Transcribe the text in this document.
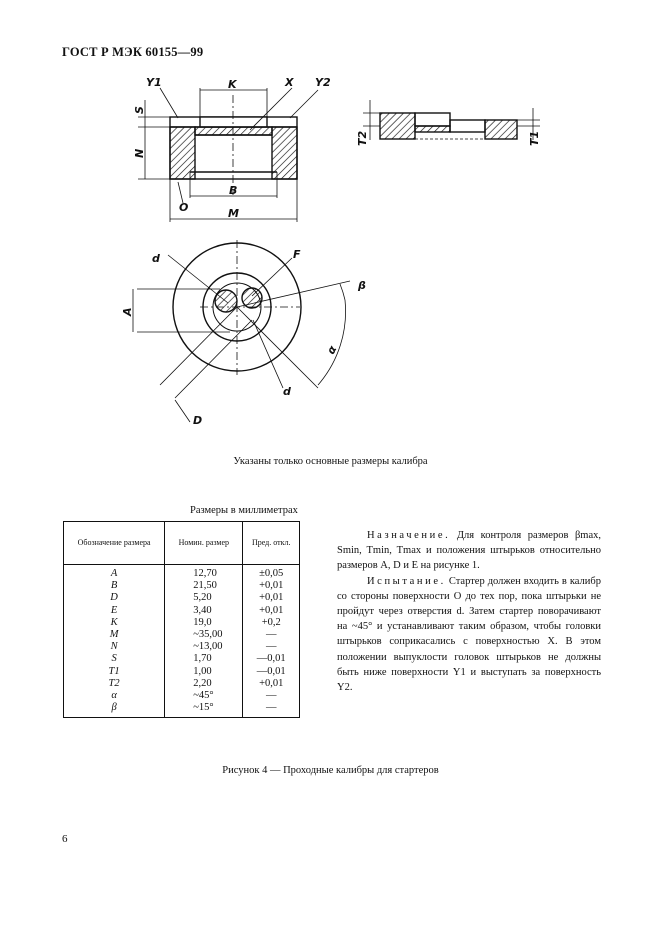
ГОСТ Р МЭК 60155—99
Y1	K	X Y2
S
N
B
O	M
T2	T1
d	F
β
A
α
d
D
Указаны только основные размеры калибра
Размеры в миллиметрах
Обозначение размера	Номин. размер	Пред. откл.
A	12,70	±0,05
B	21,50	+0,01
D	5,20	+0,01
E	3,40	+0,01
K	19,0	+0,2
M	~35,00	—
N	~13,00	—
S	1,70	—0,01
T1	1,00	—0,01
T2	2,20	+0,01
α	~45°	—
β	~15°	—

Назначение. Для контроля размеров βmax, Smin, Tmin, Tmax и положения штырьков относительно размеров A, D и E на рисунке 1.

Испытание. Стартер должен входить в калибр со стороны поверхности O до тех пор, пока штырьки не пройдут через отверстия d. Затем стартер поворачивают на ~45° и устанавливают таким образом, чтобы головки штырьков соприкасались с поверхностью X. В этом положении выпуклости головок штырьков не должны быть ниже поверхности Y1 и выступать за поверхность Y2.

Рисунок 4 — Проходные калибры для стартеров
6
